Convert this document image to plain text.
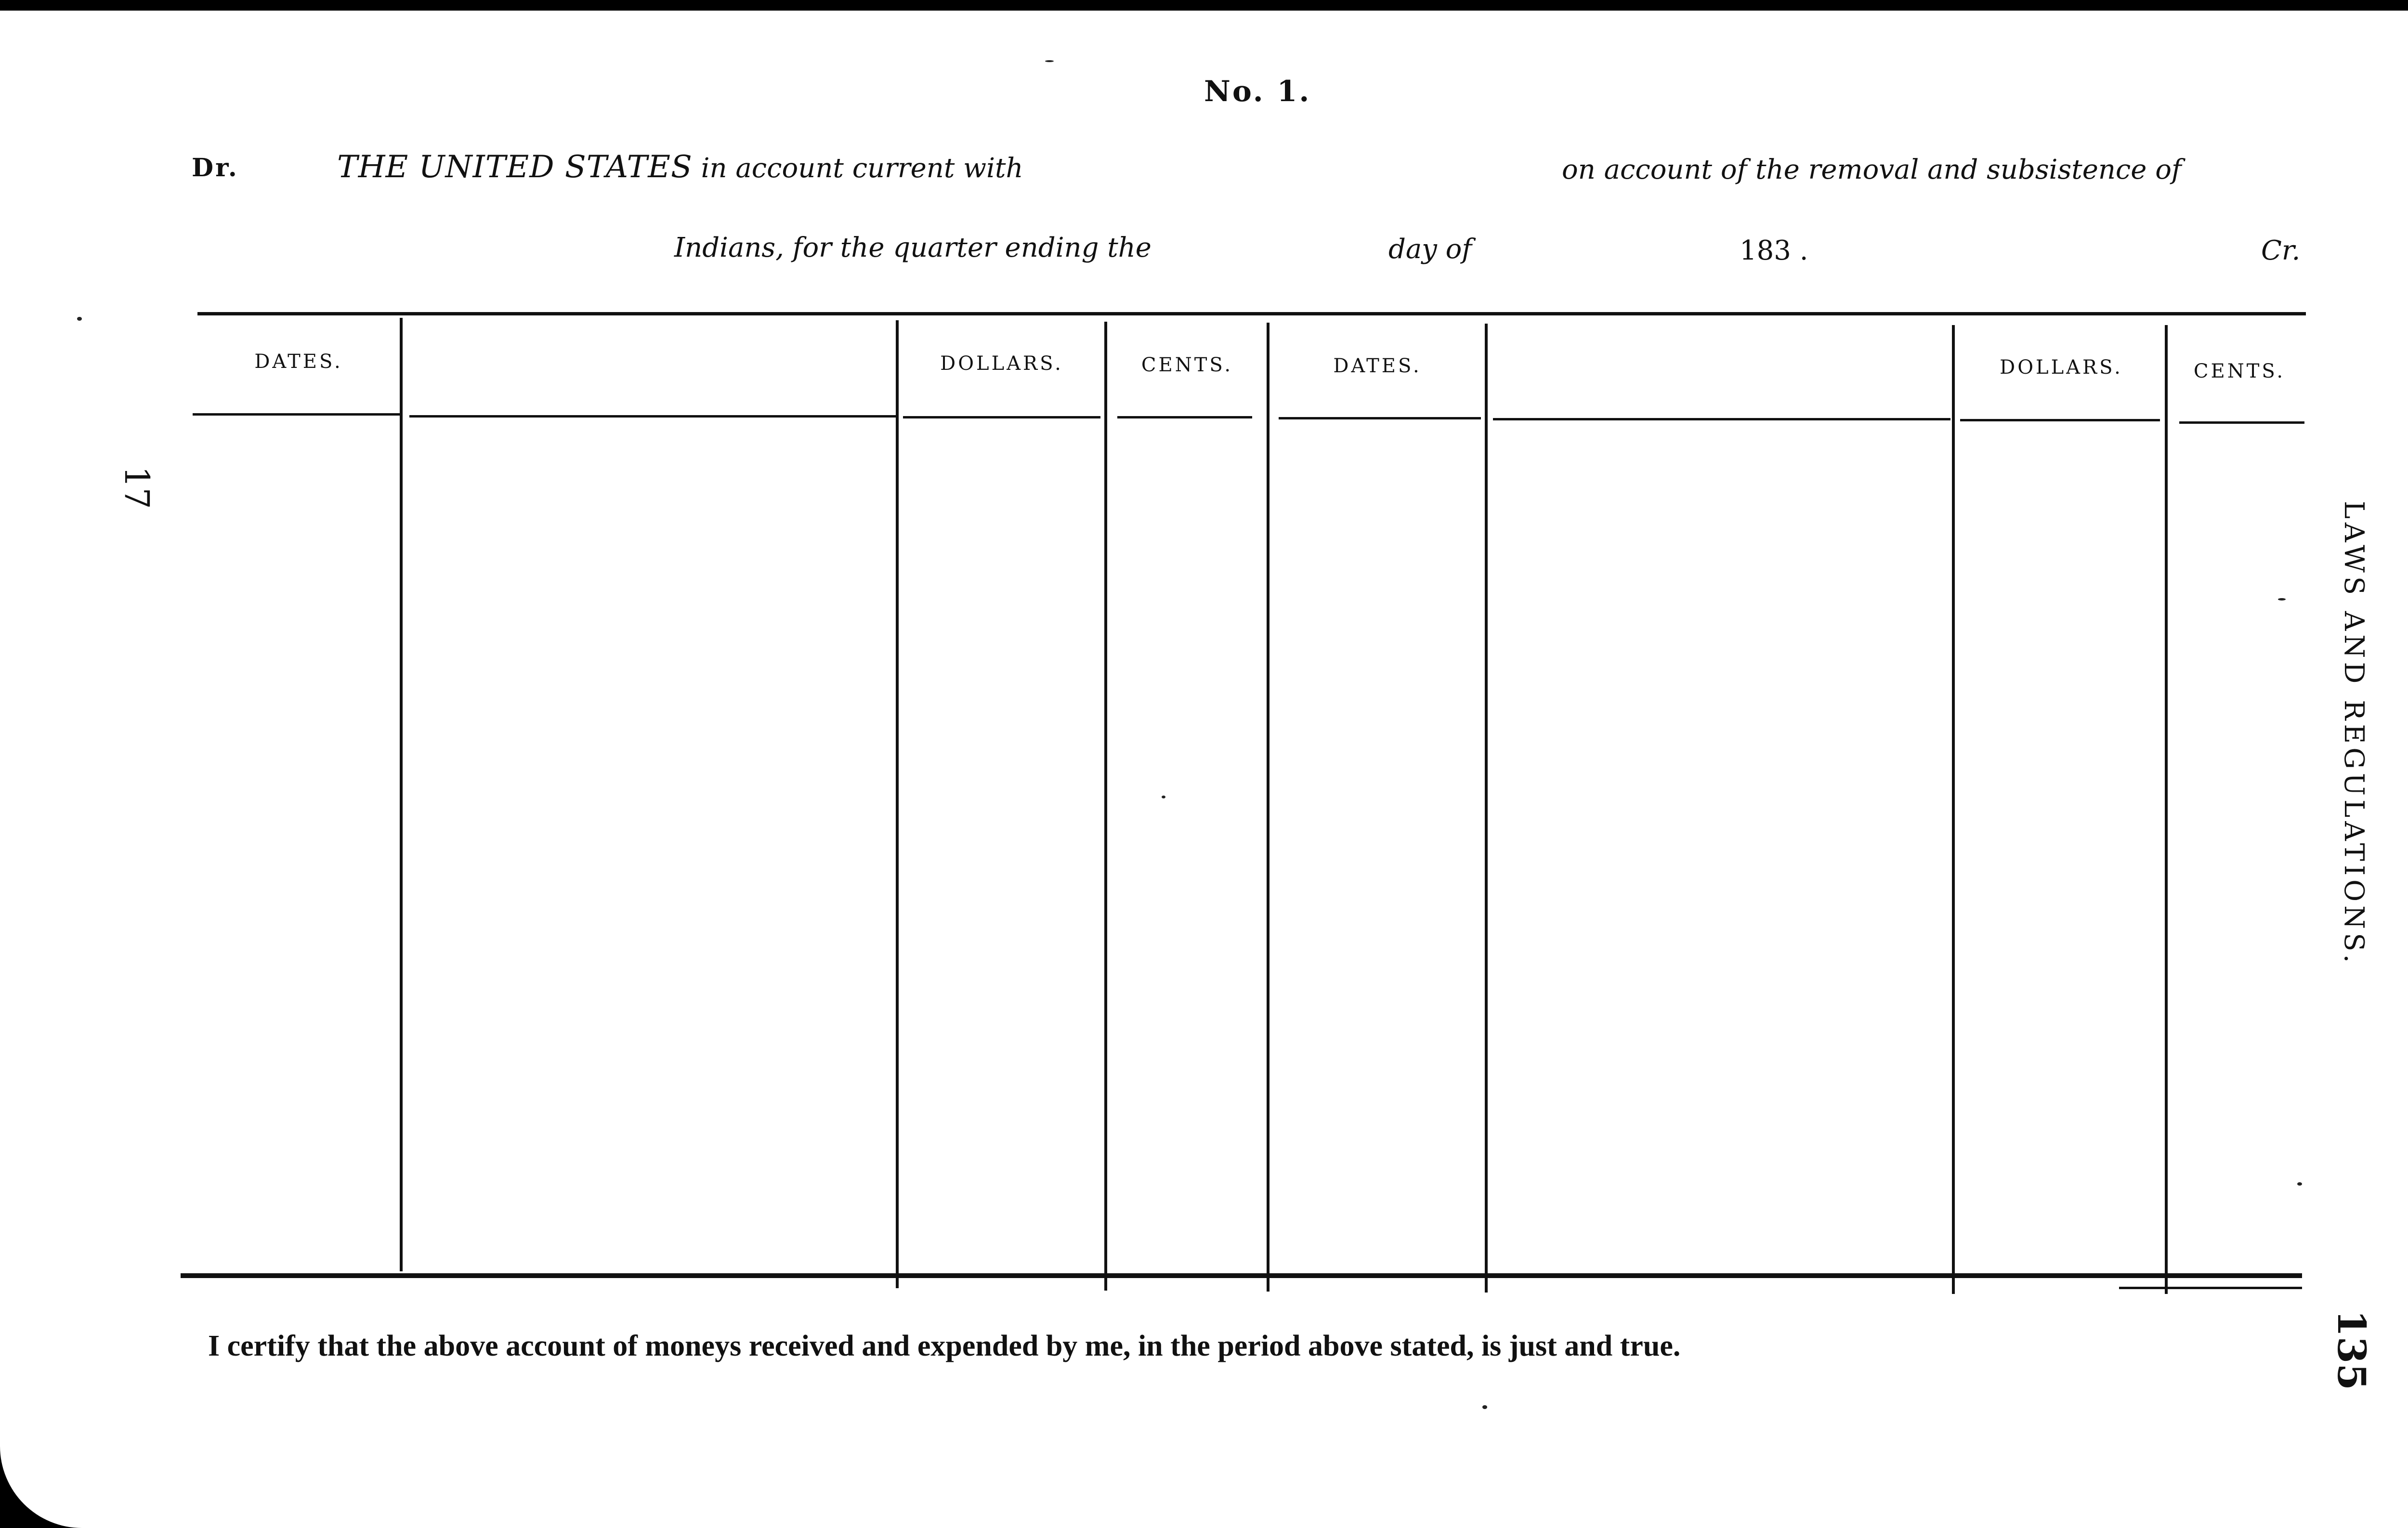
No. 1.
Dr.	THE UNITED STATES in account current with	on account of the removal and subsistence of
Indians, for the quarter ending the	day of	183 .	Cr.
DATES.	DOLLARS.	CENTS.	DATES.	DOLLARS.	CENTS.
17
LAWS AND REGULATIONS.
135
I certify that the above account of moneys received and expended by me, in the period above stated, is just and true.
